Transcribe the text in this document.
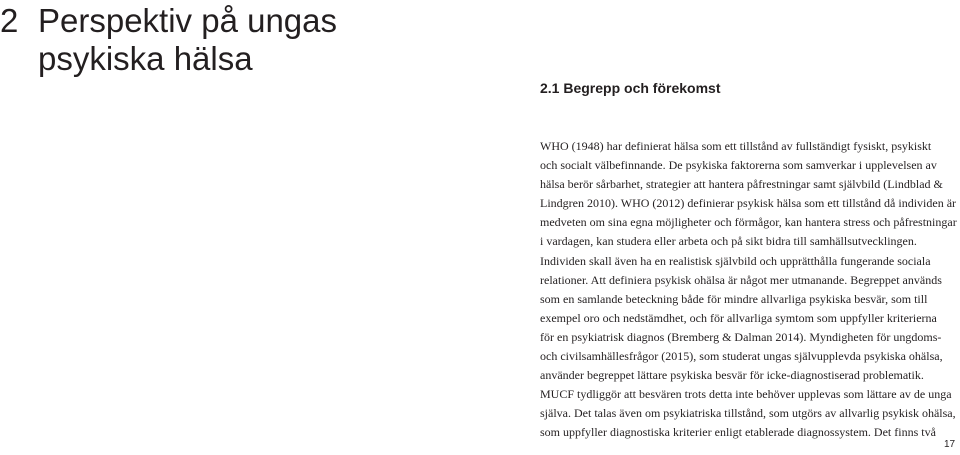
2 Perspektiv på ungas psykiska hälsa
2.1 Begrepp och förekomst

WHO (1948) har definierat hälsa som ett tillstånd av fullständigt fysiskt, psykiskt
och socialt välbefinnande. De psykiska faktorerna som samverkar i upplevelsen av
hälsa berör sårbarhet, strategier att hantera påfrestningar samt självbild (Lindblad &
Lindgren 2010). WHO (2012) definierar psykisk hälsa som ett tillstånd då individen är
medveten om sina egna möjligheter och förmågor, kan hantera stress och påfrestningar
i vardagen, kan studera eller arbeta och på sikt bidra till samhällsutvecklingen.
Individen skall även ha en realistisk självbild och upprätthålla fungerande sociala
relationer. Att definiera psykisk ohälsa är något mer utmanande. Begreppet används
som en samlande beteckning både för mindre allvarliga psykiska besvär, som till
exempel oro och nedstämdhet, och för allvarliga symtom som uppfyller kriterierna
för en psykiatrisk diagnos (Bremberg & Dalman 2014). Myndigheten för ungdoms-
och civilsamhällesfrågor (2015), som studerat ungas självupplevda psykiska ohälsa,
använder begreppet lättare psykiska besvär för icke-diagnostiserad problematik.
MUCF tydliggör att besvären trots detta inte behöver upplevas som lättare av de unga
själva. Det talas även om psykiatriska tillstånd, som utgörs av allvarlig psykisk ohälsa,
som uppfyller diagnostiska kriterier enligt etablerade diagnossystem. Det finns två

17
